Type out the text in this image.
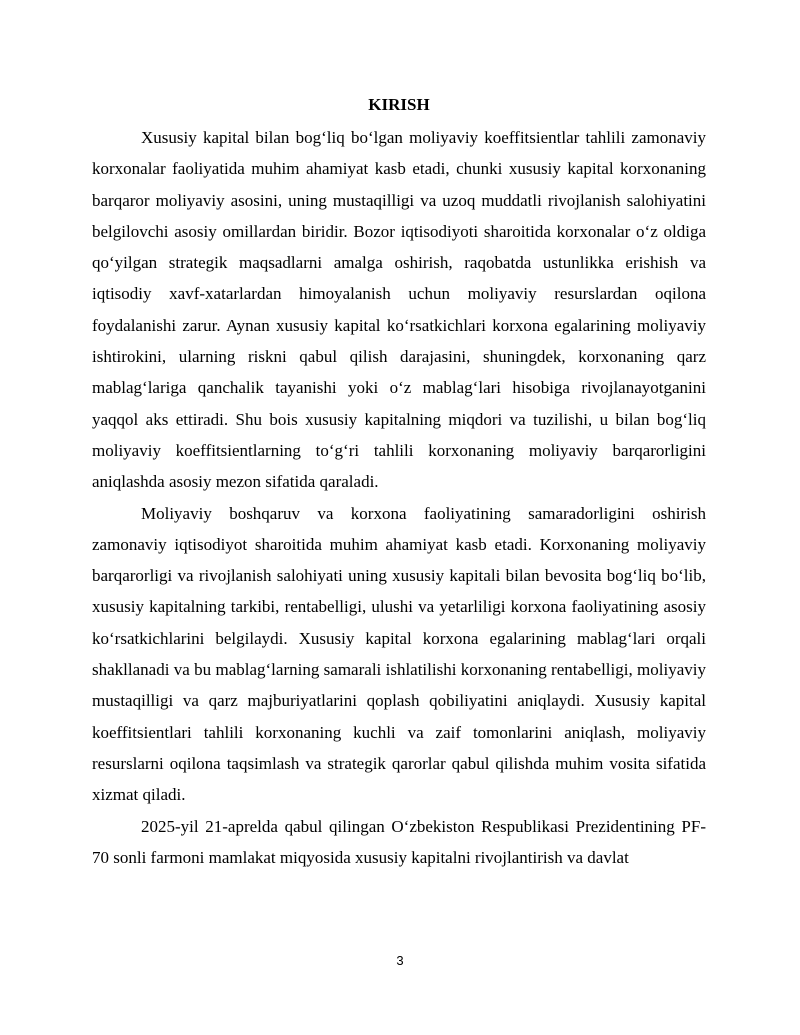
KIRISH

Xususiy kapital bilan bog‘liq bo‘lgan moliyaviy koeffitsientlar tahlili zamonaviy korxonalar faoliyatida muhim ahamiyat kasb etadi, chunki xususiy kapital korxonaning barqaror moliyaviy asosini, uning mustaqilligi va uzoq muddatli rivojlanish salohiyatini belgilovchi asosiy omillardan biridir. Bozor iqtisodiyoti sharoitida korxonalar o‘z oldiga qo‘yilgan strategik maqsadlarni amalga oshirish, raqobatda ustunlikka erishish va iqtisodiy xavf-xatarlardan himoyalanish uchun moliyaviy resurslardan oqilona foydalanishi zarur. Aynan xususiy kapital ko‘rsatkichlari korxona egalarining moliyaviy ishtirokini, ularning riskni qabul qilish darajasini, shuningdek, korxonaning qarz mablag‘lariga qanchalik tayanishi yoki o‘z mablag‘lari hisobiga rivojlanayotganini yaqqol aks ettiradi. Shu bois xususiy kapitalning miqdori va tuzilishi, u bilan bog‘liq moliyaviy koeffitsientlarning to‘g‘ri tahlili korxonaning moliyaviy barqarorligini aniqlashda asosiy mezon sifatida qaraladi.

Moliyaviy boshqaruv va korxona faoliyatining samaradorligini oshirish zamonaviy iqtisodiyot sharoitida muhim ahamiyat kasb etadi. Korxonaning moliyaviy barqarorligi va rivojlanish salohiyati uning xususiy kapitali bilan bevosita bog‘liq bo‘lib, xususiy kapitalning tarkibi, rentabelligi, ulushi va yetarliligi korxona faoliyatining asosiy ko‘rsatkichlarini belgilaydi. Xususiy kapital korxona egalarining mablag‘lari orqali shakllanadi va bu mablag‘larning samarali ishlatilishi korxonaning rentabelligi, moliyaviy mustaqilligi va qarz majburiyatlarini qoplash qobiliyatini aniqlaydi. Xususiy kapital koeffitsientlari tahlili korxonaning kuchli va zaif tomonlarini aniqlash, moliyaviy resurslarni oqilona taqsimlash va strategik qarorlar qabul qilishda muhim vosita sifatida xizmat qiladi.

2025-yil 21-aprelda qabul qilingan O‘zbekiston Respublikasi Prezidentining PF-70 sonli farmoni mamlakat miqyosida xususiy kapitalni rivojlantirish va davlat

3
